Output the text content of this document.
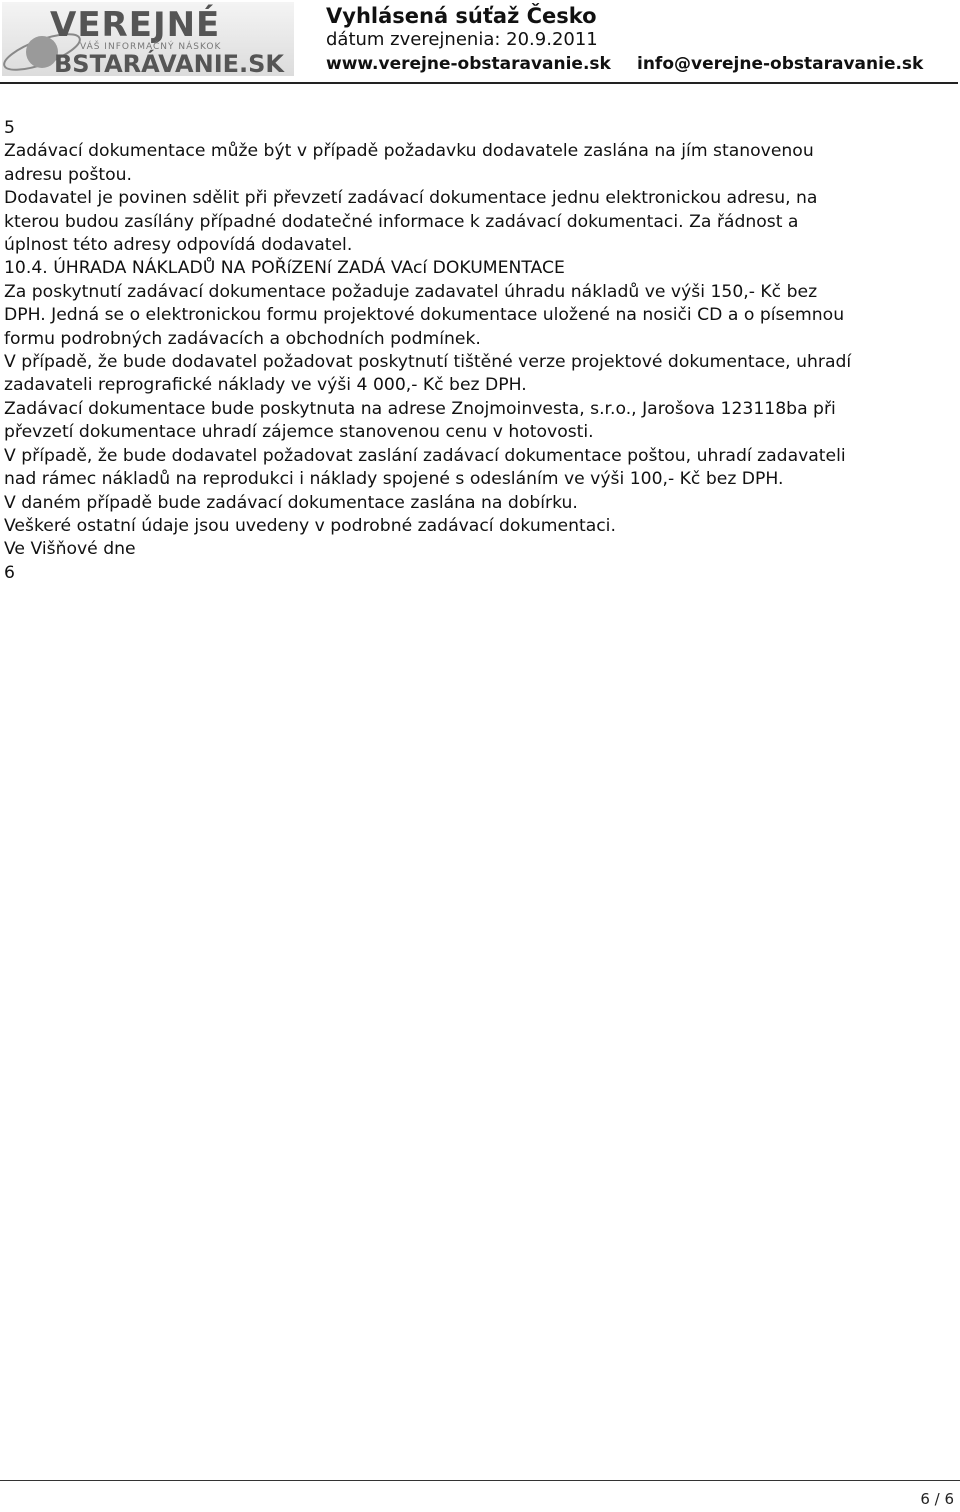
VEREJNÉ
VÁŠ INFORMAČNÝ NÁSKOK
BSTARÁVANIE.SK
Vyhlásená súťaž Česko
dátum zverejnenia: 20.9.2011
www.verejne-obstaravanie.sk info@verejne-obstaravanie.sk

5

Zadávací dokumentace může být v případě požadavku dodavatele zaslána na jím stanovenou

adresu poštou.

Dodavatel je povinen sdělit při převzetí zadávací dokumentace jednu elektronickou adresu, na

kterou budou zasílány případné dodatečné informace k zadávací dokumentaci. Za řádnost a

úplnost této adresy odpovídá dodavatel.

10.4. ÚHRADA NÁKLADŮ NA POŘíZENí ZADÁ VAcí DOKUMENTACE

Za poskytnutí zadávací dokumentace požaduje zadavatel úhradu nákladů ve výši 150,- Kč bez

DPH. Jedná se o elektronickou formu projektové dokumentace uložené na nosiči CD a o písemnou

formu podrobných zadávacích a obchodních podmínek.

V případě, že bude dodavatel požadovat poskytnutí tištěné verze projektové dokumentace, uhradí

zadavateli reprografické náklady ve výši 4 000,- Kč bez DPH.

Zadávací dokumentace bude poskytnuta na adrese Znojmoinvesta, s.r.o., Jarošova 123118ba při

převzetí dokumentace uhradí zájemce stanovenou cenu v hotovosti.

V případě, že bude dodavatel požadovat zaslání zadávací dokumentace poštou, uhradí zadavateli

nad rámec nákladů na reprodukci i náklady spojené s odesláním ve výši 100,- Kč bez DPH.

V daném případě bude zadávací dokumentace zaslána na dobírku.

Veškeré ostatní údaje jsou uvedeny v podrobné zadávací dokumentaci.

Ve Višňové dne

6

6 / 6
